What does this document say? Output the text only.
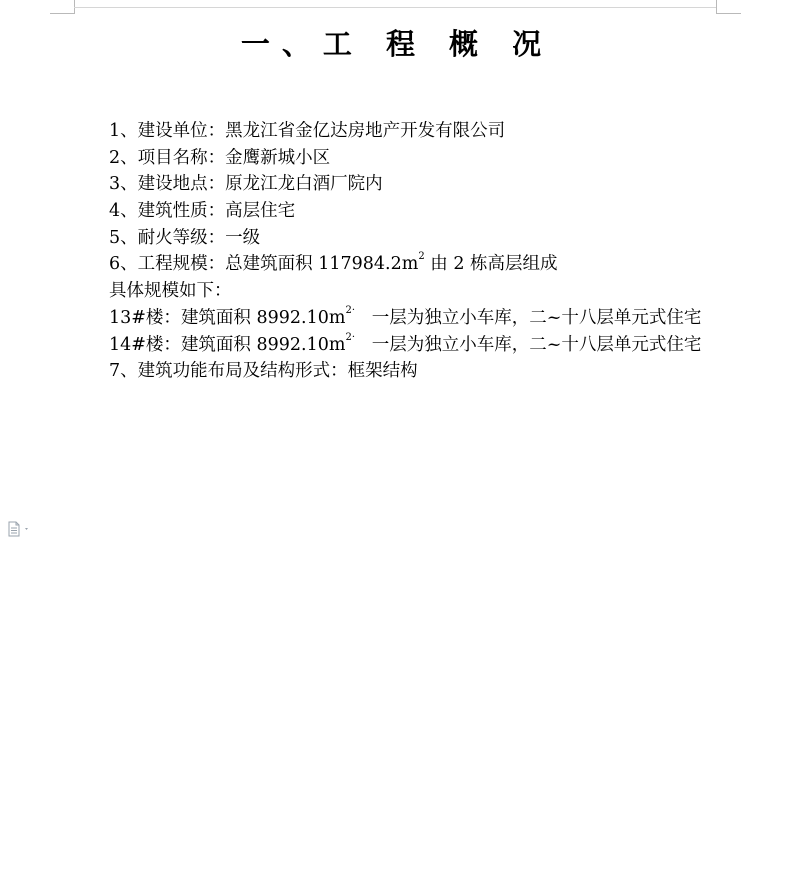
一、工 程 概 况
1、建设单位：黑龙江省金亿达房地产开发有限公司
2、项目名称：金鹰新城小区
3、建设地点：原龙江龙白酒厂院内
4、建筑性质：高层住宅
5、耐火等级：一级
6、工程规模：总建筑面积 $117984.2m^2$ 由 2 栋高层组成
具体规模如下：
13#楼：建筑面积 $8992.10m^{2\cdot}$ 一层为独立小车库，二~十八层单元式住宅
14#楼：建筑面积 $8992.10m^{2\cdot}$ 一层为独立小车库，二~十八层单元式住宅
7、建筑功能布局及结构形式：框架结构
